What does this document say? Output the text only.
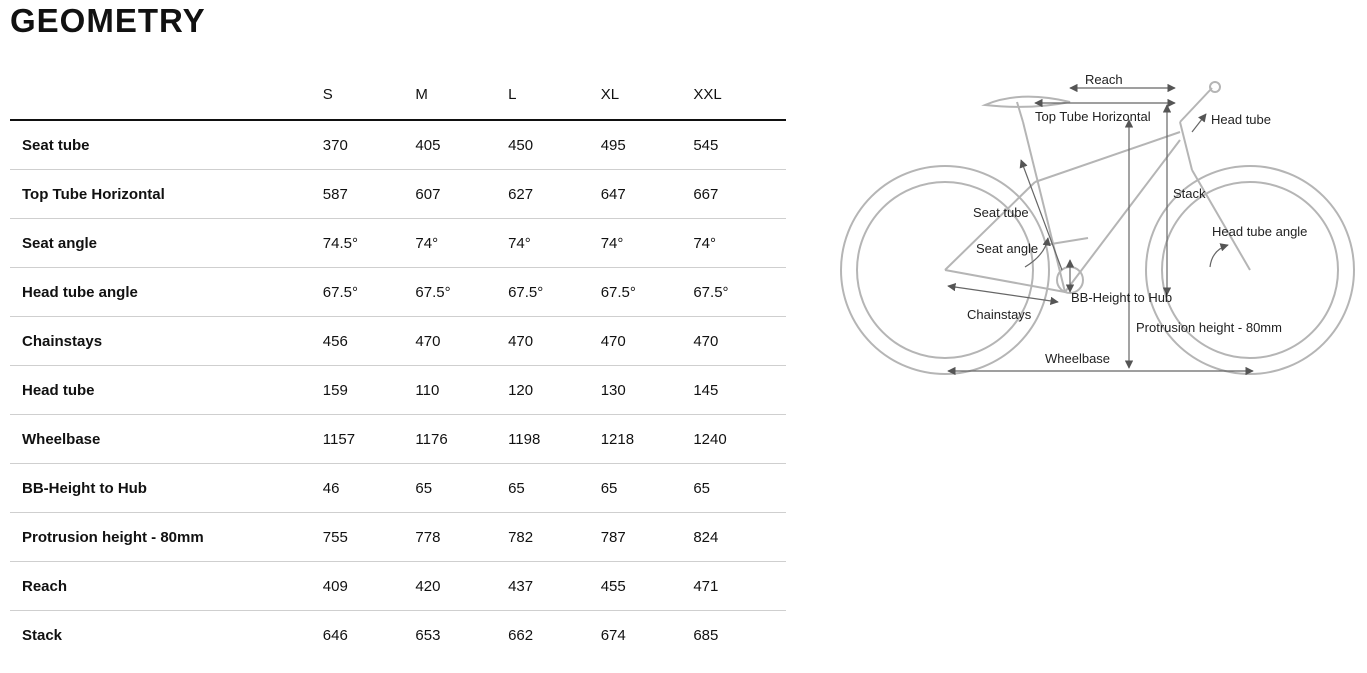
GEOMETRY
	S	M	L	XL	XXL
Seat tube	370	405	450	495	545
Top Tube Horizontal	587	607	627	647	667
Seat angle	74.5°	74°	74°	74°	74°
Head tube angle	67.5°	67.5°	67.5°	67.5°	67.5°
Chainstays	456	470	470	470	470
Head tube	159	110	120	130	145
Wheelbase	1157	1176	1198	1218	1240
BB-Height to Hub	46	65	65	65	65
Protrusion height - 80mm	755	778	782	787	824
Reach	409	420	437	455	471
Stack	646	653	662	674	685
Reach
Top Tube Horizontal	Head tube
Stack
Seat tube
Seat angle
Head tube angle
BB-Height to Hub
Chainstays
Protrusion height - 80mm
Wheelbase
